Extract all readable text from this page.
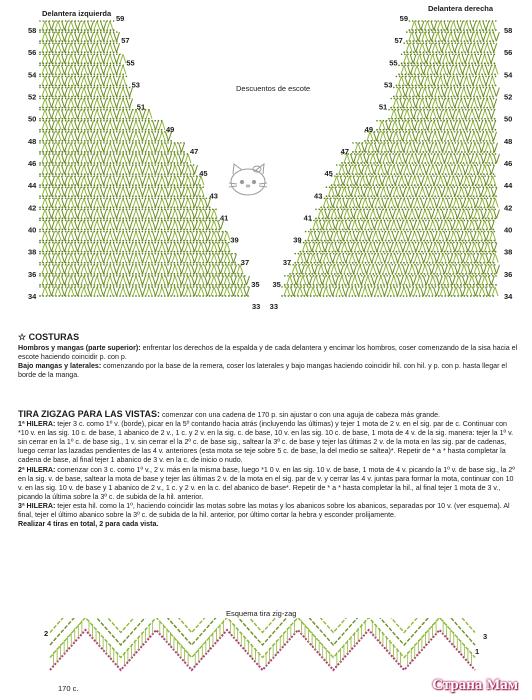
Delantera izquierda
58
56
54
52
50
48
46
44
42
40
38
36
34
59
57
55
53
51
49
47
45
43
41
39
37
35
33
Delantera derecha
59
57
55
53
51
49
47
45
43
41
39
37
35
33
58
56
54
52
50
48
46
44
42
40
38
36
34
Descuentos de escote
☆ COSTURAS

Hombros y mangas (parte superior): enfrentar los derechos de la espalda y de cada delantera y encimar los hombros, coser comenzando de la sisa hacia el escote haciendo coincidir p. con p.

Bajo mangas y laterales: comenzando por la base de la remera, coser los laterales y bajo mangas haciendo coincidir hil. con hil. y p. con p. hasta llegar el borde de la manga.

TIRA ZIGZAG PARA LAS VISTAS: comenzar con una cadena de 170 p. sin ajustar o con una aguja de cabeza más grande.

1ª HILERA: tejer 3 c. como 1º v. (borde), picar en la 5º contando hacia atrás (incluyendo las últimas) y tejer 1 mota de 2 v. en el sig. par de c. Continuar con *10 v. en las sig. 10 c. de base, 1 abanico de 2 v., 1 c. y 2 v. en la sig. c. de base, 10 v. en las sig. 10 c. de base, 1 mota de 4 v. de la sig. manera: tejer la 1º v. sin cerrar en la 1º c. de base sig., 1 v. sin cerrar el la 2º c. de base sig., saltear la 3º c. de base y tejer las últimas 2 v. de la mota en las sig. par de cadenas, luego cerrar las lazadas pendientes de las 4 v. anteriores (esta mota se teje sobre 5 c. de base, la del medio se saltea)*. Repetir de * a * hasta completar la cadena de base, al final tejer 1 abanico de 3 v. en la c. de inicio o nudo.

2ª HILERA: comenzar con 3 c. como 1º v., 2 v. más en la misma base, luego *1 0 v. en las sig. 10 v. de base, 1 mota de 4 v. picando la 1º v. de base sig., la 2º en la sig. v. de base, saltear la mota de base y tejer las últimas 2 v. de la mota en el sig. par de v. y cerrar las 4 v. juntas para formar la mota, continuar con 10 v. en las sig. 10 v. de base y 1 abanico de 2 v., 1 c. y 2 v. en la c. del abanico de base*. Repetir de * a * hasta completar la hil., al final tejer 1 mota de 3 v., picando la última sobre la 3º c. de subida de la hil. anterior.

3ª HILERA: tejer esta hil. como la 1º, haciendo coincidir las motas sobre las motas y los abanicos sobre los abanicos, separadas por 10 v. (ver esquema). Al final, tejer el último abanico sobre la 3º c. de subida de la hil. anterior, por último cortar la hebra y esconder prolijamente.

Realizar 4 tiras en total, 2 para cada vista.

Esquema tira zig-zag
2
1
3
170 c.	Страна Мам
